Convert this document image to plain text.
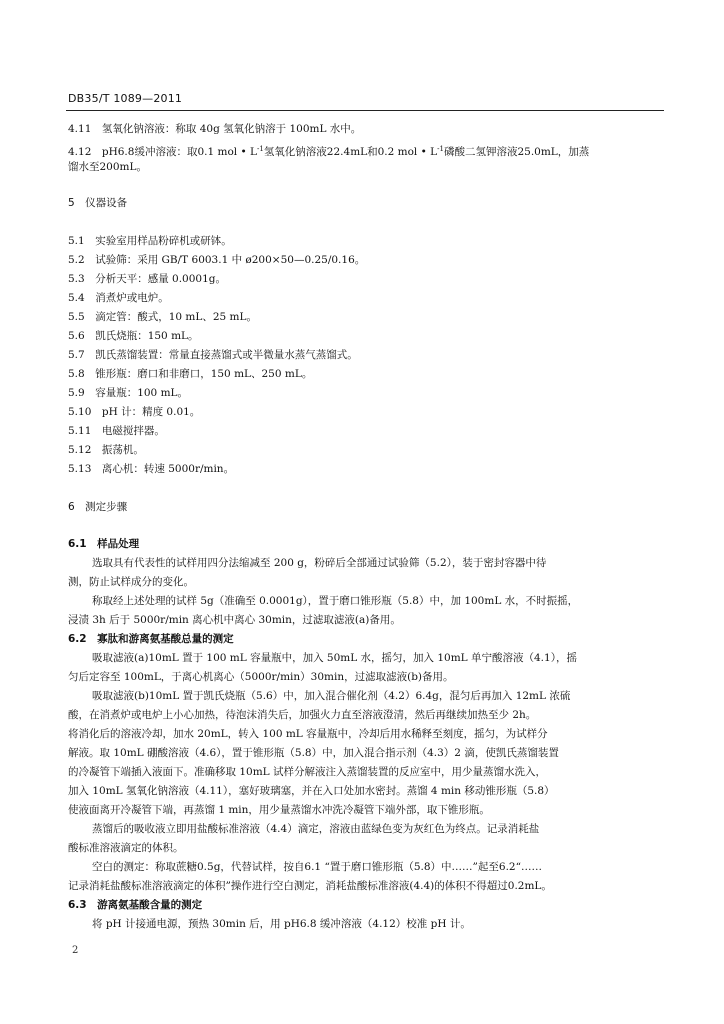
DB35/T 1089—2011
4.11　氢氧化钠溶液：称取 40g 氢氧化钠溶于 100mL 水中。
4.12　pH6.8缓冲溶液：取0.1 mol • $L^{-1}$氢氧化钠溶液22.4mL和0.2 mol • $L^{-1}$磷酸二氢钾溶液25.0mL，加蒸
馏水至200mL。
5　仪器设备
5.1　实验室用样品粉碎机或研钵。
5.2　试验筛：采用 GB/T 6003.1 中 ø200×50—0.25/0.16。
5.3　分析天平：感量 0.0001g。
5.4　消煮炉或电炉。
5.5　滴定管：酸式，10 mL、25 mL。
5.6　凯氏烧瓶：150 mL。
5.7　凯氏蒸馏装置：常量直接蒸馏式或半微量水蒸气蒸馏式。
5.8　锥形瓶：磨口和非磨口，150 mL、250 mL。
5.9　容量瓶：100 mL。
5.10　pH 计：精度 0.01。
5.11　电磁搅拌器。
5.12　振荡机。
5.13　离心机：转速 5000r/min。
6　测定步骤
6.1　样品处理
选取具有代表性的试样用四分法缩减至 200 g，粉碎后全部通过试验筛（5.2），装于密封容器中待
测，防止试样成分的变化。
称取经上述处理的试样 5g（准确至 0.0001g），置于磨口锥形瓶（5.8）中，加 100mL 水，不时振摇，
浸渍 3h 后于 5000r/min 离心机中离心 30min，过滤取滤液(a)备用。
6.2　寡肽和游离氨基酸总量的测定
吸取滤液(a)10mL 置于 100 mL 容量瓶中，加入 50mL 水，摇匀，加入 10mL 单宁酸溶液（4.1），摇
匀后定容至 100mL，于离心机离心（5000r/min）30min，过滤取滤液(b)备用。
吸取滤液(b)10mL 置于凯氏烧瓶（5.6）中，加入混合催化剂（4.2）6.4g，混匀后再加入 12mL 浓硫
酸，在消煮炉或电炉上小心加热，待泡沫消失后，加强火力直至溶液澄清，然后再继续加热至少 2h。
将消化后的溶液冷却，加水 20mL，转入 100 mL 容量瓶中，冷却后用水稀释至刻度，摇匀，为试样分
解液。取 10mL 硼酸溶液（4.6），置于锥形瓶（5.8）中，加入混合指示剂（4.3）2 滴，使凯氏蒸馏装置
的冷凝管下端插入液面下。准确移取 10mL 试样分解液注入蒸馏装置的反应室中，用少量蒸馏水洗入，
加入 10mL 氢氧化钠溶液（4.11），塞好玻璃塞，并在入口处加水密封。蒸馏 4 min 移动锥形瓶（5.8）
使液面离开冷凝管下端，再蒸馏 1 min，用少量蒸馏水冲洗冷凝管下端外部，取下锥形瓶。
蒸馏后的吸收液立即用盐酸标准溶液（4.4）滴定，溶液由蓝绿色变为灰红色为终点。记录消耗盐
酸标准溶液滴定的体积。
空白的测定：称取蔗糖0.5g，代替试样，按自6.1 “置于磨口锥形瓶（5.8）中……”起至6.2“……
记录消耗盐酸标准溶液滴定的体积”操作进行空白测定，消耗盐酸标准溶液(4.4)的体积不得超过0.2mL。
6.3　游离氨基酸含量的测定
将 pH 计接通电源，预热 30min 后，用 pH6.8 缓冲溶液（4.12）校准 pH 计。
2
